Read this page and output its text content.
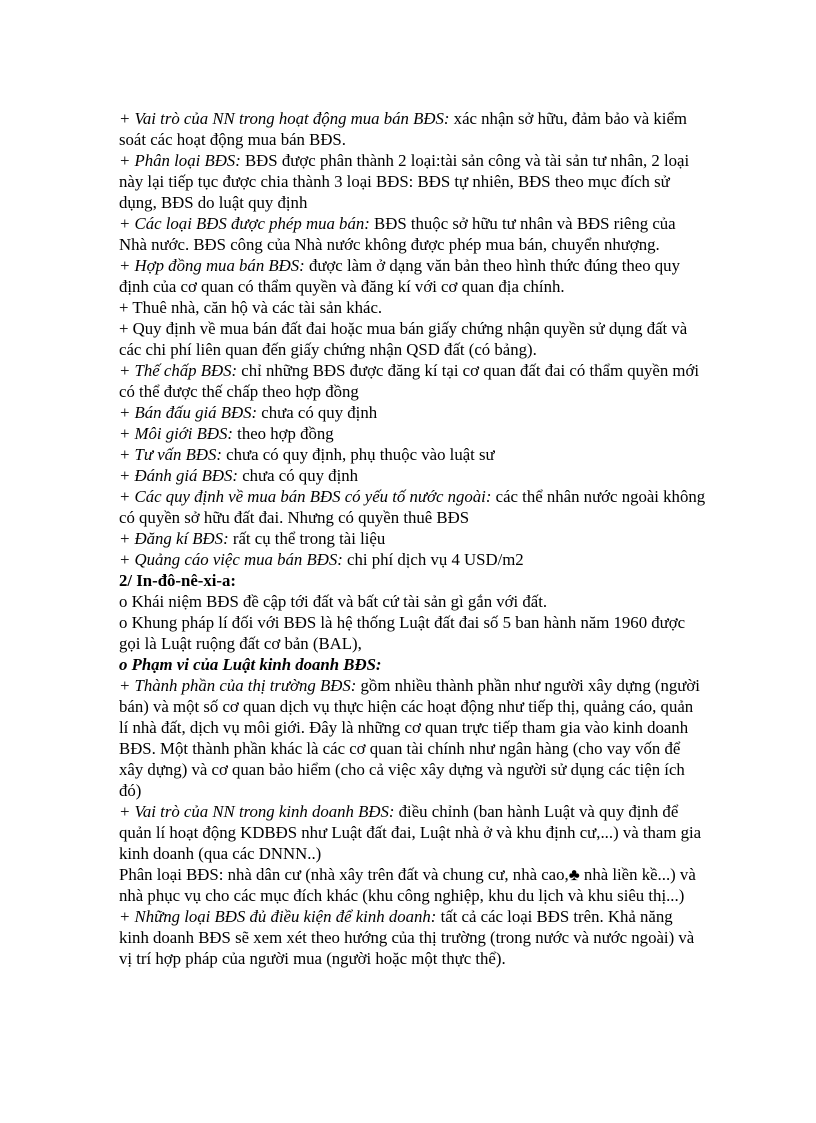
+ Vai trò của NN trong hoạt động mua bán BĐS: xác nhận sở hữu, đảm bảo và kiểm soát các hoạt động mua bán BĐS.

+ Phân loại BĐS: BĐS được phân thành 2 loại:tài sản công và tài sản tư nhân, 2 loại này lại tiếp tục được chia thành 3 loại BĐS: BĐS tự nhiên, BĐS theo mục đích sử dụng, BĐS do luật quy định

+ Các loại BĐS được phép mua bán: BĐS thuộc sở hữu tư nhân và BĐS riêng của Nhà nước. BĐS công của Nhà nước không được phép mua bán, chuyển nhượng.

+ Hợp đồng mua bán BĐS: được làm ở dạng văn bản theo hình thức đúng theo quy định của cơ quan có thẩm quyền và đăng kí với cơ quan địa chính.

+ Thuê nhà, căn hộ và các tài sản khác.

+ Quy định về mua bán đất đai hoặc mua bán giấy chứng nhận quyền sử dụng đất và các chi phí liên quan đến giấy chứng nhận QSD đất (có bảng).

+ Thế chấp BĐS: chỉ những BĐS được đăng kí tại cơ quan đất đai có thẩm quyền mới có thể được thế chấp theo hợp đồng

+ Bán đấu giá BĐS: chưa có quy định

+ Môi giới BĐS: theo hợp đồng

+ Tư vấn BĐS: chưa có quy định, phụ thuộc vào luật sư

+ Đánh giá BĐS: chưa có quy định

+ Các quy định về mua bán BĐS có yếu tố nước ngoài: các thể nhân nước ngoài không có quyền sở hữu đất đai. Nhưng có quyền thuê BĐS

+ Đăng kí BĐS: rất cụ thể trong tài liệu

+ Quảng cáo việc mua bán BĐS: chi phí dịch vụ 4 USD/m2

2/ In-đô-nê-xi-a:

o Khái niệm BĐS đề cập tới đất và bất cứ tài sản gì gắn với đất.

o Khung pháp lí đối với BĐS là hệ thống Luật đất đai số 5 ban hành năm 1960 được gọi là Luật ruộng đất cơ bản (BAL),

o Phạm vi của Luật kinh doanh BĐS:

+ Thành phần của thị trường BĐS: gồm nhiều thành phần như người xây dựng (người bán) và một số cơ quan dịch vụ thực hiện các hoạt động như tiếp thị, quảng cáo, quản lí nhà đất, dịch vụ môi giới. Đây là những cơ quan trực tiếp tham gia vào kinh doanh BĐS. Một thành phần khác là các cơ quan tài chính như ngân hàng (cho vay vốn để xây dựng) và cơ quan bảo hiểm (cho cả việc xây dựng và người sử dụng các tiện ích đó)

+ Vai trò của NN trong kinh doanh BĐS: điều chỉnh (ban hành Luật và quy định để quản lí hoạt động KDBĐS như Luật đất đai, Luật nhà ở và khu định cư,...) và tham gia kinh doanh (qua các DNNN..)

Phân loại BĐS: nhà dân cư (nhà xây trên đất và chung cư, nhà cao,♣ nhà liền kề...) và nhà phục vụ cho các mục đích khác (khu công nghiệp, khu du lịch và khu siêu thị...)

+ Những loại BĐS đủ điều kiện để kinh doanh: tất cả các loại BĐS trên. Khả năng kinh doanh BĐS sẽ xem xét theo hướng của thị trường (trong nước và nước ngoài) và vị trí hợp pháp của người mua (người hoặc một thực thể).
